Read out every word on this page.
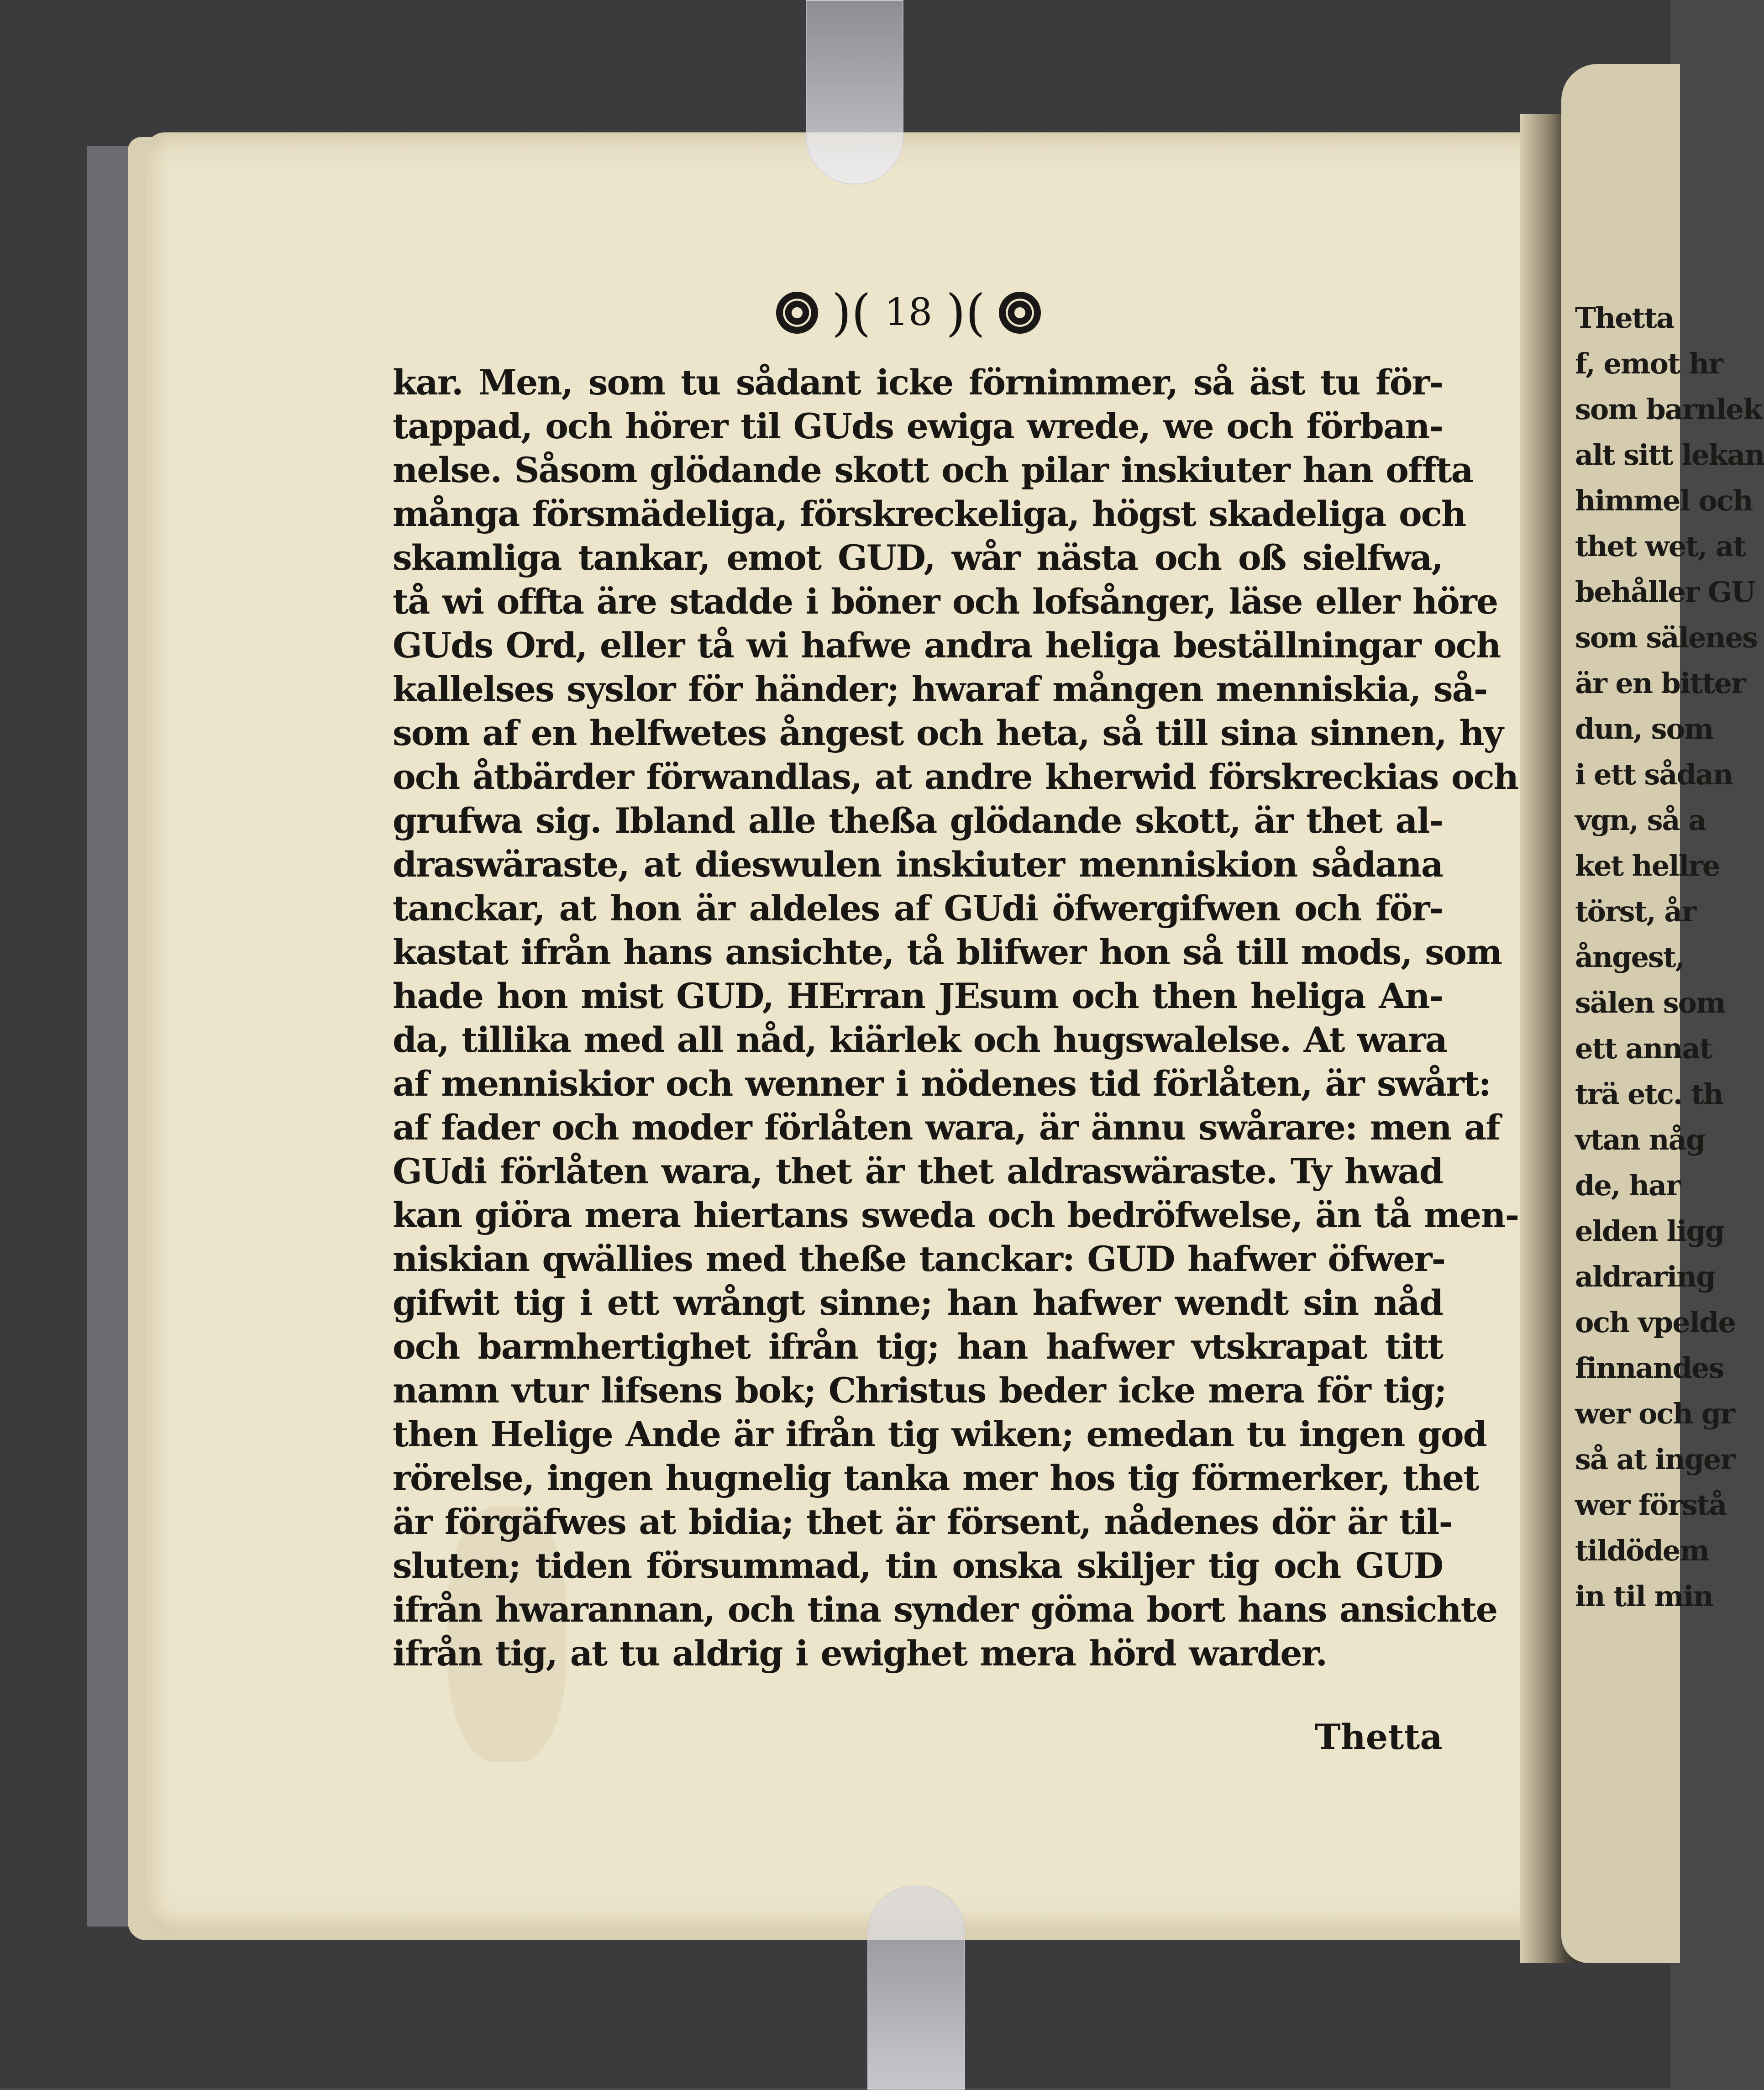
)( 18 )(
kar. Men, som tu sådant icke förnimmer, så äst tu för-
tappad, och hörer til GUds ewiga wrede, we och förban-
nelse. Såsom glödande skott och pilar inskiuter han offta
många försmädeliga, förskreckeliga, högst skadeliga och
skamliga tankar, emot GUD, wår nästa och oß sielfwa,
tå wi offta äre stadde i böner och lofsånger, läse eller höre
GUds Ord, eller tå wi hafwe andra heliga beställningar och
kallelses syslor för händer; hwaraf mången menniskia, så-
som af en helfwetes ångest och heta, så till sina sinnen, hy
och åtbärder förwandlas, at andre kherwid förskreckias och
grufwa sig. Ibland alle theßa glödande skott, är thet al-
draswäraste, at dieswulen inskiuter menniskion sådana
tanckar, at hon är aldeles af GUdi öfwergifwen och för-
kastat ifrån hans ansichte, tå blifwer hon så till mods, som
hade hon mist GUD, HErran JEsum och then heliga An-
da, tillika med all nåd, kiärlek och hugswalelse. At wara
af menniskior och wenner i nödenes tid förlåten, är swårt:
af fader och moder förlåten wara, är ännu swårare: men af
GUdi förlåten wara, thet är thet aldraswäraste. Ty hwad
kan giöra mera hiertans sweda och bedröfwelse, än tå men-
niskian qwällies med theße tanckar: GUD hafwer öfwer-
gifwit tig i ett wrångt sinne; han hafwer wendt sin nåd
och barmhertighet ifrån tig; han hafwer vtskrapat titt
namn vtur lifsens bok; Christus beder icke mera för tig;
then Helige Ande är ifrån tig wiken; emedan tu ingen god
rörelse, ingen hugnelig tanka mer hos tig förmerker, thet
är förgäfwes at bidia; thet är försent, nådenes dör är til-
sluten; tiden försummad, tin onska skiljer tig och GUD
ifrån hwarannan, och tina synder göma bort hans ansichte
ifrån tig, at tu aldrig i ewighet mera hörd warder.
Thetta
Thetta
f, emot hr
som barnlek
alt sitt lekan
himmel och
thet wet, at
behåller GU
som sälenes
är en bitter
dun, som
i ett sådan
vgn, så a
ket hellre
törst, år
ångest,
sälen som
ett annat
trä etc. th
vtan någ
de, har
elden ligg
aldraring
och vpelde
finnandes
wer och gr
så at inger
wer förstå
tildödem
in til min
